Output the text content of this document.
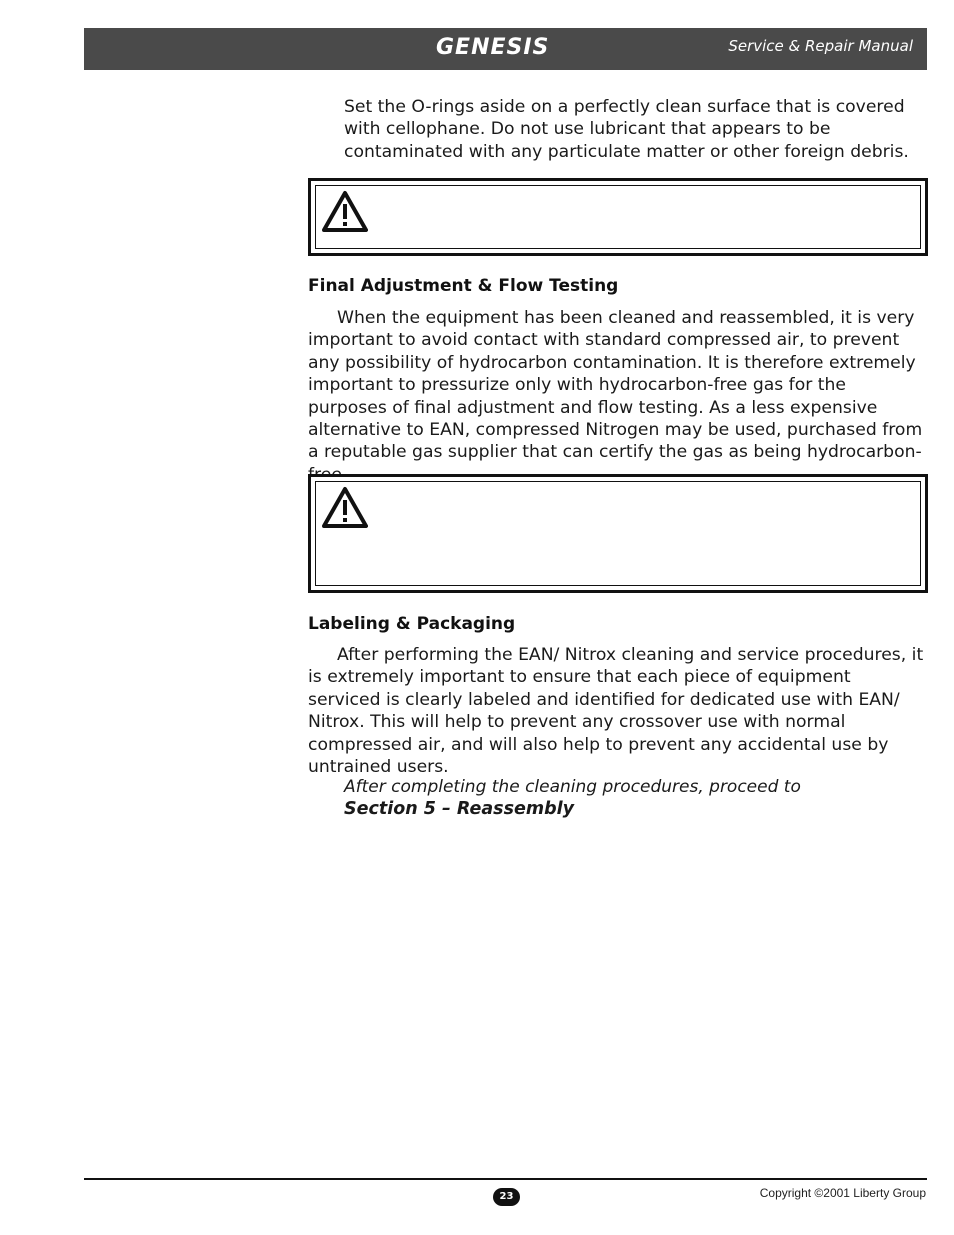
GENESIS	Service & Repair Manual

Set the O-rings aside on a perfectly clean surface that is covered with cellophane. Do not use lubricant that appears to be contaminated with any particulate matter or other foreign debris.

Final Adjustment & Flow Testing

When the equipment has been cleaned and reassembled, it is very important to avoid contact with standard compressed air, to prevent any possibility of hydrocarbon contamination. It is therefore extremely important to pressurize only with hydrocarbon-free gas for the purposes of final adjustment and flow testing. As a less expensive alternative to EAN, compressed Nitrogen may be used, purchased from a reputable gas supplier that can certify the gas as being hydrocarbon-

Labeling & Packaging

After performing the EAN/ Nitrox cleaning and service procedures, it is extremely important to ensure that each piece of equipment serviced is clearly labeled and identified for dedicated use with EAN/ Nitrox. This will help to prevent any crossover use with normal compressed air, and will also help to prevent any accidental use by untrained users.

After completing the cleaning procedures, proceed to

Section 5 – Reassembly

23	Copyright ©2001 Liberty Group
